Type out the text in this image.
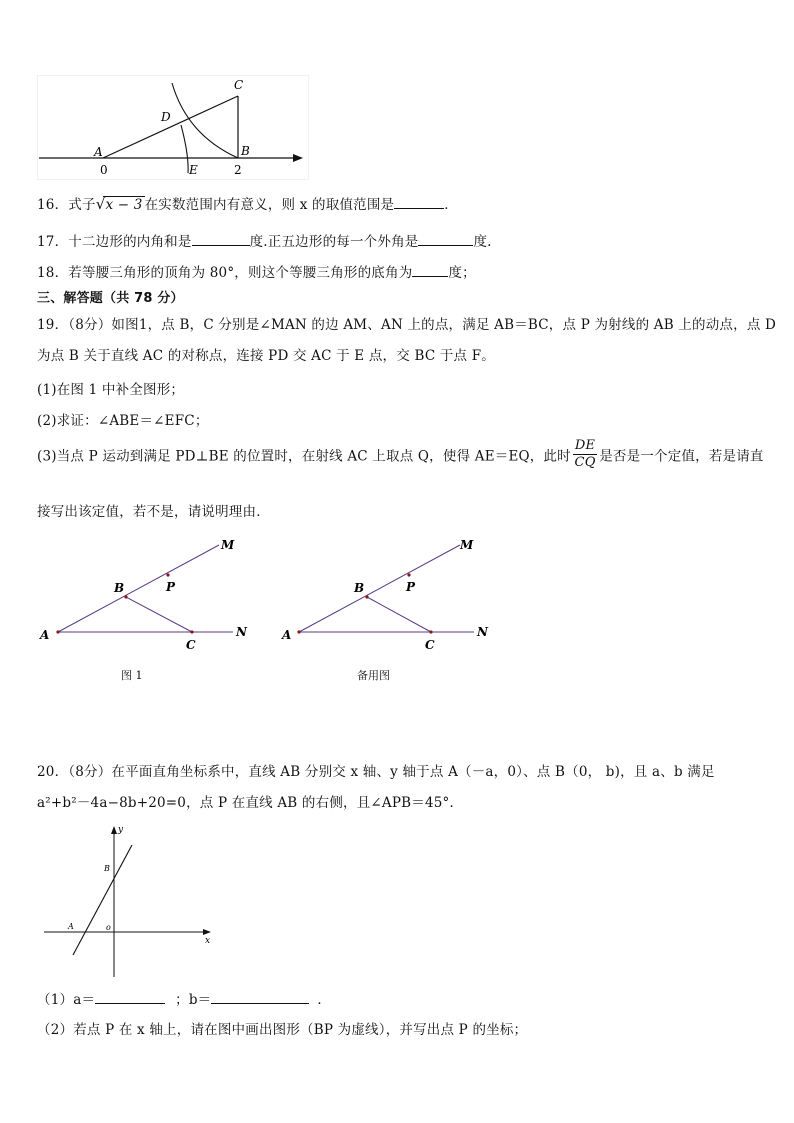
C
D
A	B
E
0	2
16．式子√x − 3 在实数范围内有意义，则 x 的取值范围是	．
17．十二边形的内角和是	度.正五边形的每一个外角是	度.
18．若等腰三角形的顶角为 80°，则这个等腰三角形的底角为	度；
三、解答题（共 78 分）
19．（8分）如图1，点 B，C 分别是∠MAN 的边 AM、AN 上的点，满足 AB＝BC，点 P 为射线的 AB 上的动点，点 D
为点 B 关于直线 AC 的对称点，连接 PD 交 AC 于 E 点，交 BC 于点 F。
(1)在图 1 中补全图形；
(2)求证：∠ABE＝∠EFC；
(3)当点 P 运动到满足 PD⊥BE 的位置时，在射线 AC 上取点 Q，使得 AE＝EQ，此时 $\frac{DE}{CQ}$ 是否是一个定值，若是请直
接写出该定值，若不是，请说明理由．
M
P
B
A
C
N
图 1
M
P
B
A
C
N
备用图
20．（8分）在平面直角坐标系中，直线 AB 分别交 x 轴、y 轴于点 A（－a，0）、点 B（0， b)，且 a、b 满足
a²+b²－4a−8b+20=0，点 P 在直线 AB 的右侧，且∠APB＝45°．
y
x
B
A	o
（1）a＝	；b＝	．
（2）若点 P 在 x 轴上，请在图中画出图形（BP 为虚线），并写出点 P 的坐标；
